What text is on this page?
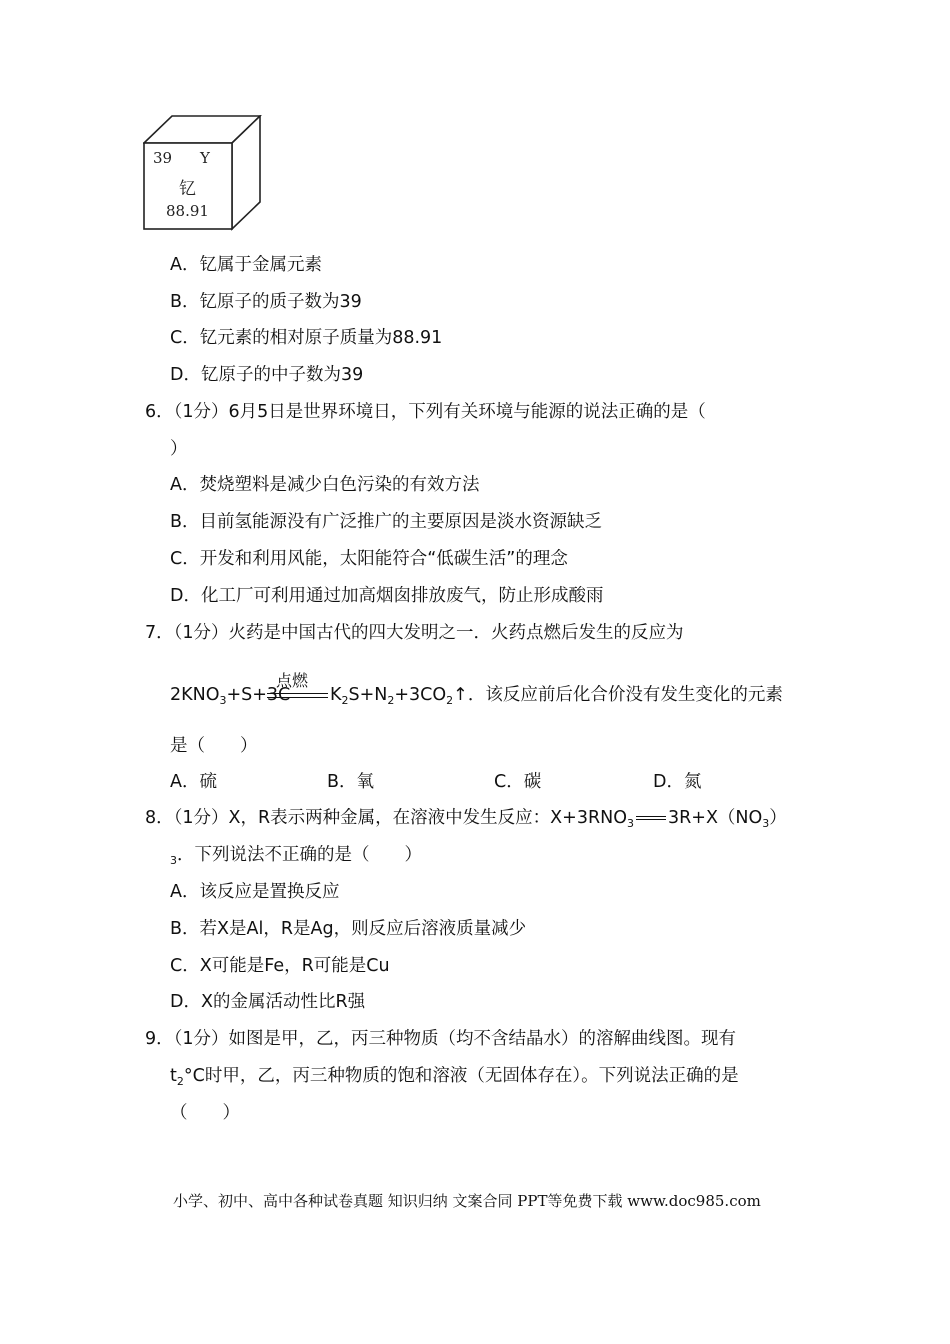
39 Y
钇
88.91
A．钇属于金属元素
B．钇原子的质子数为39
C．钇元素的相对原子质量为88.91
D．钇原子的中子数为39
6．（1分）6月5日是世界环境日，下列有关环境与能源的说法正确的是（
）
A．焚烧塑料是减少白色污染的有效方法
B．目前氢能源没有广泛推广的主要原因是淡水资源缺乏
C．开发和利用风能，太阳能符合“低碳生活”的理念
D．化工厂可利用通过加高烟囱排放废气，防止形成酸雨
7．（1分）火药是中国古代的四大发明之一．火药点燃后发生的反应为
点燃
$2KNO_3+S+3C$ $K_2S+N_2+3CO_2↑$．该反应前后化合价没有发生变化的元素
是（　　）
A．硫	B．氧	C．碳	D．氮
8．（1分）X，R表示两种金属，在溶液中发生反应：$X+3RNO_3$ $3R+X(NO_3)$
$_3$．下列说法不正确的是（　　）
A．该反应是置换反应
B．若X是Al，R是Ag，则反应后溶液质量减少
C．X可能是Fe，R可能是Cu
D．X的金属活动性比R强
9．（1分）如图是甲，乙，丙三种物质（均不含结晶水）的溶解曲线图。现有
$t_2^\circ C$时甲，乙，丙三种物质的饱和溶液（无固体存在）。下列说法正确的是
（　　）
小学、初中、高中各种试卷真题 知识归纳 文案合同 PPT等免费下载 www.doc985.com
